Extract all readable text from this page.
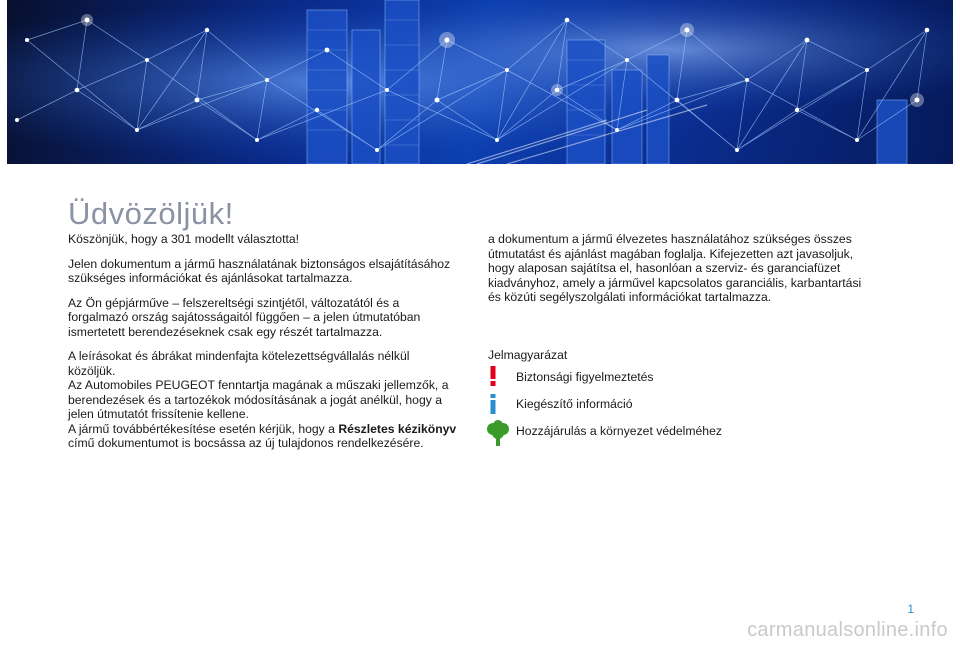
Üdvözöljük!

Köszönjük, hogy a 301 modellt választotta!

Jelen dokumentum a jármű használatának biztonságos elsajátításához
szükséges információkat és ajánlásokat tartalmazza.

Az Ön gépjárműve – felszereltségi szintjétől, változatától és a
forgalmazó ország sajátosságaitól függően – a jelen útmutatóban
ismertetett berendezéseknek csak egy részét tartalmazza.

A leírásokat és ábrákat mindenfajta kötelezettségvállalás nélkül
közöljük.
Az Automobiles PEUGEOT fenntartja magának a műszaki jellemzők, a
berendezések és a tartozékok módosításának a jogát anélkül, hogy a
jelen útmutatót frissítenie kellene.

A jármű továbbértékesítése esetén kérjük, hogy a Részletes kézikönyv
című dokumentumot is bocsássa az új tulajdonos rendelkezésére.

a dokumentum a jármű élvezetes használatához szükséges összes
útmutatást és ajánlást magában foglalja. Kifejezetten azt javasoljuk,
hogy alaposan sajátítsa el, hasonlóan a szerviz- és garanciafüzet
kiadványhoz, amely a járművel kapcsolatos garanciális, karbantartási
és közúti segélyszolgálati információkat tartalmazza.

Jelmagyarázat
Biztonsági figyelmeztetés
Kiegészítő információ
Hozzájárulás a környezet védelméhez
1
carmanualsonline.info
